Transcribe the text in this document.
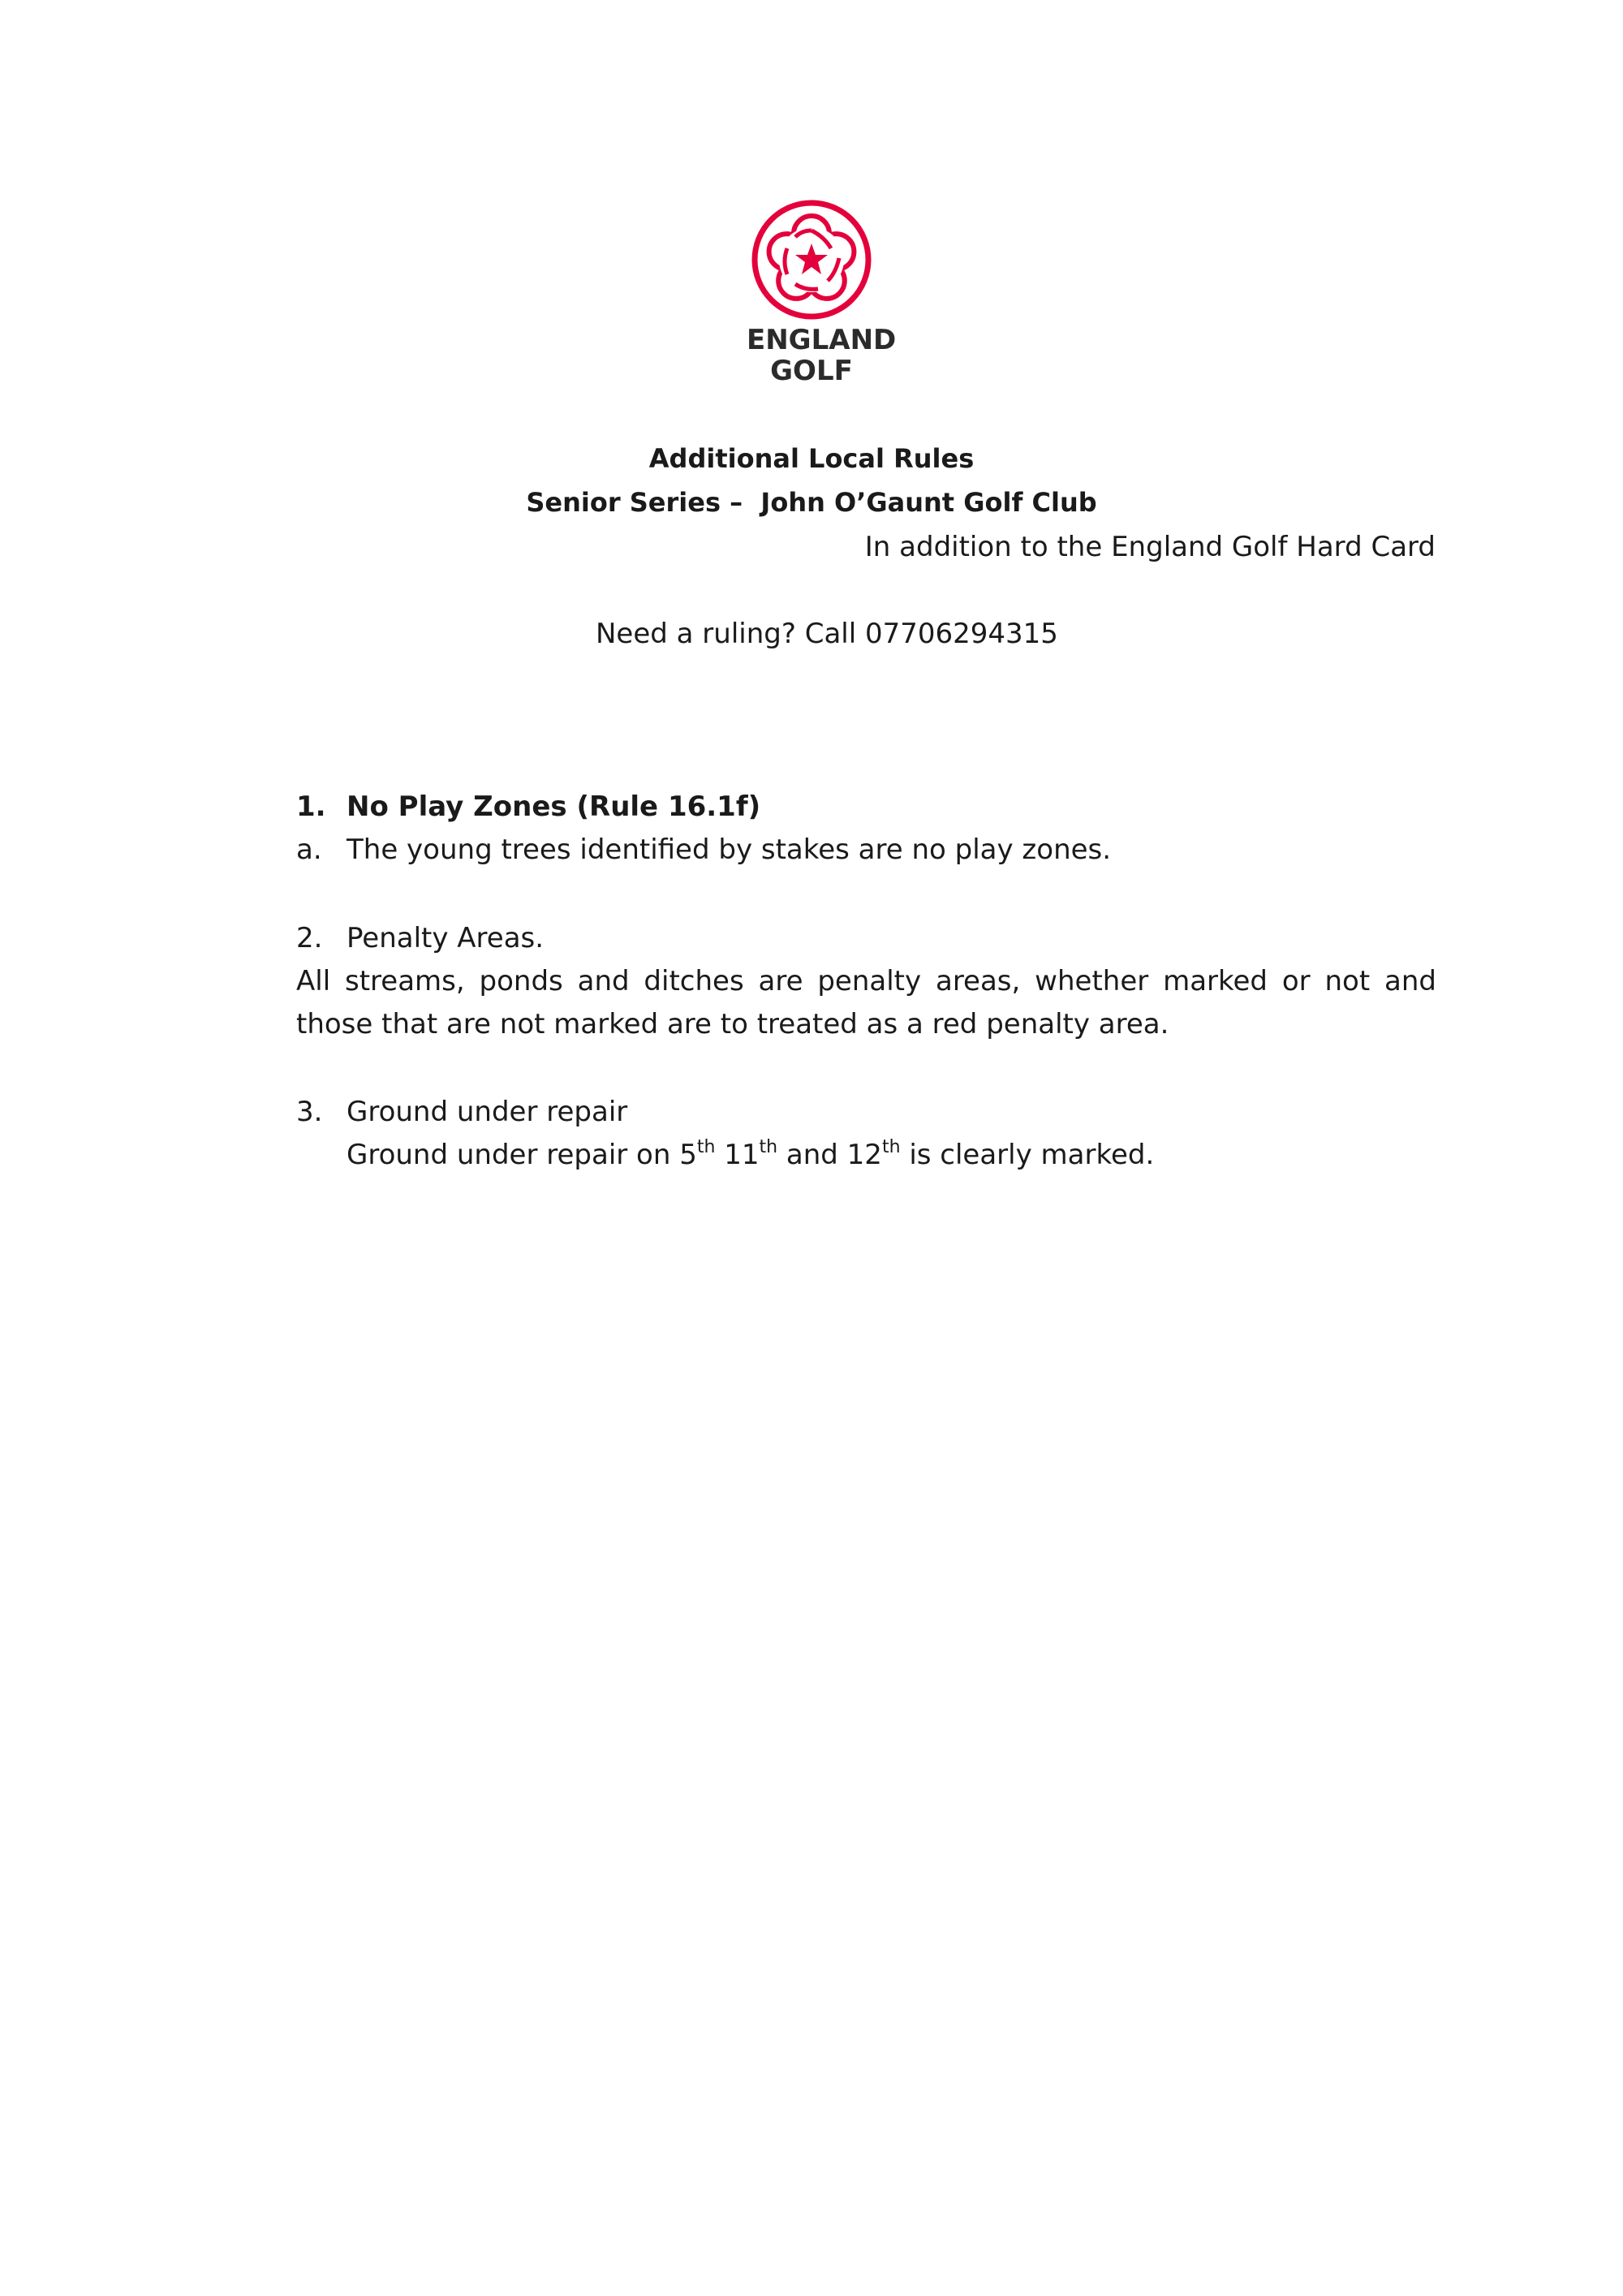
ENGLAND
GOLF
Additional Local Rules
Senior Series –  John O’Gaunt Golf Club
In addition to the England Golf Hard Card
Need a ruling? Call 07706294315
1. No Play Zones (Rule 16.1f)
a. The young trees identified by stakes are no play zones.
2. Penalty Areas.
All streams, ponds and ditches are penalty areas, whether marked or not and those that are not marked are to treated as a red penalty area.
3. Ground under repair
Ground under repair on 5th 11th and 12th is clearly marked.
